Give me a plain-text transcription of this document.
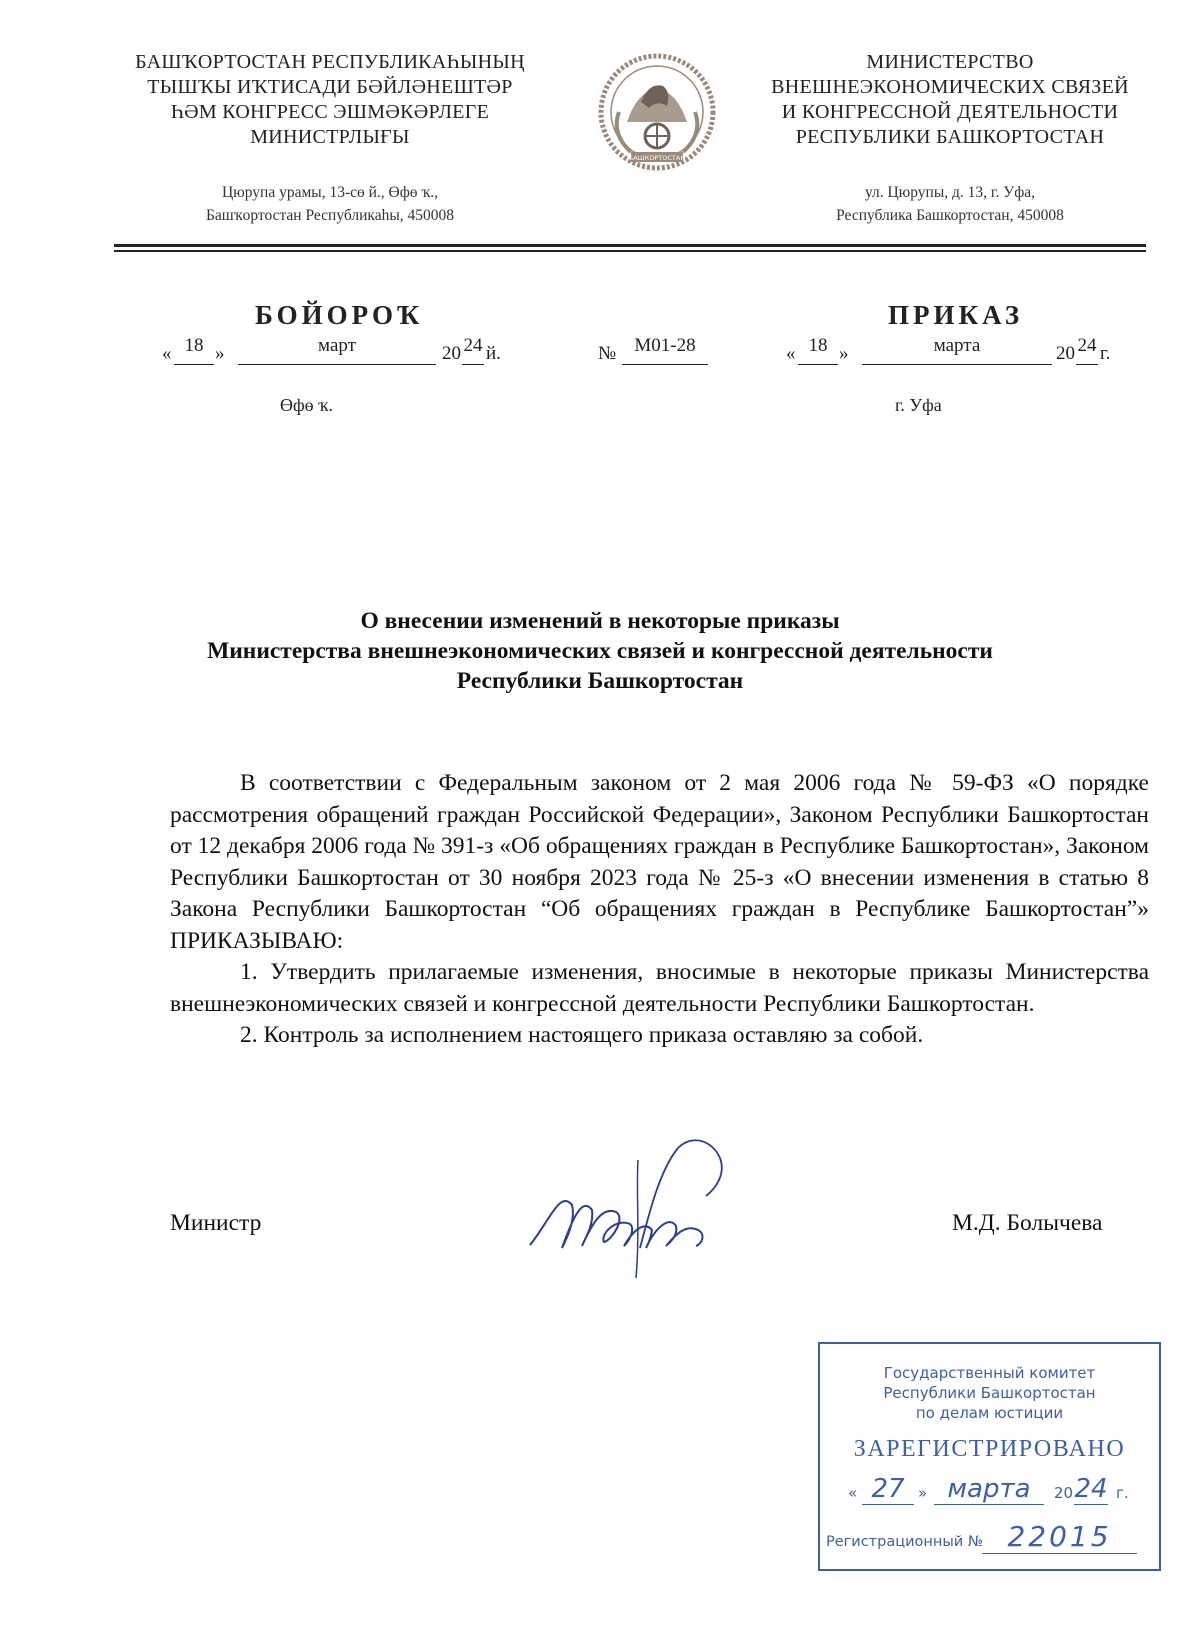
БАШҠОРТОСТАН РЕСПУБЛИКАҺЫНЫҢ
ТЫШҠЫ ИҠТИСАДИ БӘЙЛӘНЕШТӘР
ҺӘМ КОНГРЕСС ЭШМӘКӘРЛЕГЕ
МИНИСТРЛЫҒЫ
Цюрупа урамы, 13-сө й., Өфө ҡ.,
Башҡортостан Республикаһы, 450008
БАШКОРТОСТАН
МИНИСТЕРСТВО
ВНЕШНЕЭКОНОМИЧЕСКИХ СВЯЗЕЙ
И КОНГРЕССНОЙ ДЕЯТЕЛЬНОСТИ
РЕСПУБЛИКИ БАШКОРТОСТАН
ул. Цюрупы, д. 13, г. Уфа,
Республика Башкортостан, 450008
БОЙОРОҠ	ПРИКАЗ
« 18 »	март	20 24 й.	№ М01-28	« 18 »	марта	20 24 г.
Өфө ҡ.	г. Уфа
О внесении изменений в некоторые приказы
Министерства внешнеэкономических связей и конгрессной деятельности
Республики Башкортостан

В соответствии с Федеральным законом от 2 мая 2006 года № 59-ФЗ «О порядке рассмотрения обращений граждан Российской Федерации», Законом Республики Башкортостан от 12 декабря 2006 года № 391-з «Об обращениях граждан в Республике Башкортостан», Законом Республики Башкортостан от 30 ноября 2023 года № 25-з «О внесении изменения в статью 8 Закона Республики Башкортостан “Об обращениях граждан в Республике Башкортостан”» ПРИКАЗЫВАЮ:

1. Утвердить прилагаемые изменения, вносимые в некоторые приказы Министерства внешнеэкономических связей и конгрессной деятельности Республики Башкортостан.

2. Контроль за исполнением настоящего приказа оставляю за собой.

Министр	М.Д. Болычева
Государственный комитет
Республики Башкортостан
по делам юстиции
ЗАРЕГИСТРИРОВАНО
« 27 » марта	20 24 г.
Регистрационный № 22015
